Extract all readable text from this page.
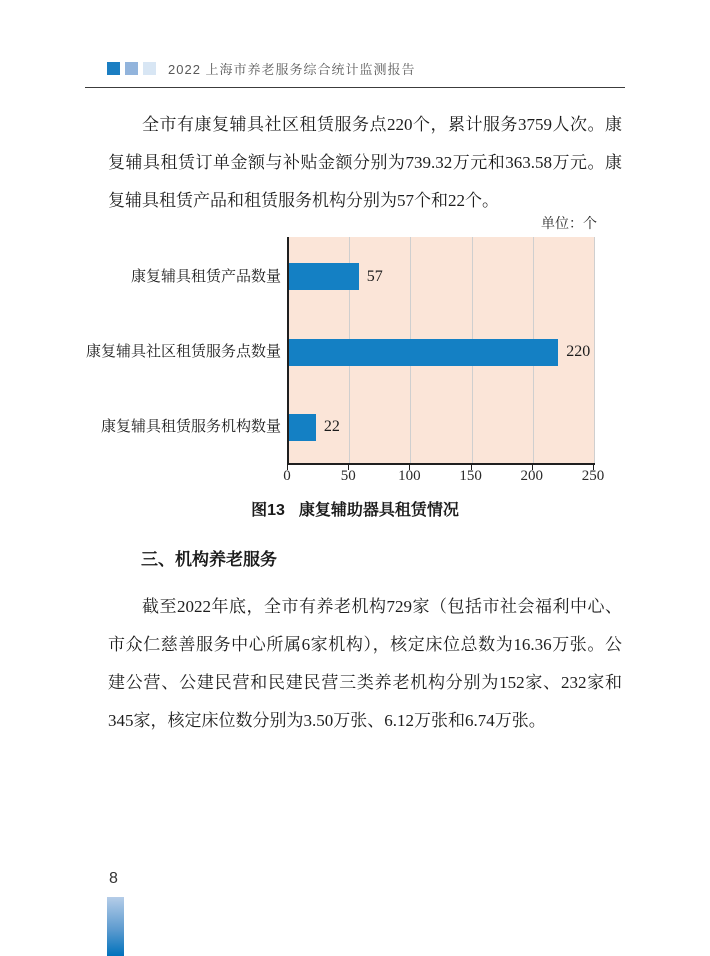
2022 上海市养老服务综合统计监测报告

全市有康复辅具社区租赁服务点220个，累计服务3759人次。康复辅具租赁订单金额与补贴金额分别为739.32万元和363.58万元。康复辅具租赁产品和租赁服务机构分别为57个和22个。

单位：个
0	50	100	150	200	250
57
康复辅具租赁产品数量
220
康复辅具社区租赁服务点数量
22
康复辅具租赁服务机构数量
图13 康复辅助器具租赁情况
三、机构养老服务

截至2022年底，全市有养老机构729家（包括市社会福利中心、市众仁慈善服务中心所属6家机构），核定床位总数为16.36万张。公建公营、公建民营和民建民营三类养老机构分别为152家、232家和345家，核定床位数分别为3.50万张、6.12万张和6.74万张。

8
